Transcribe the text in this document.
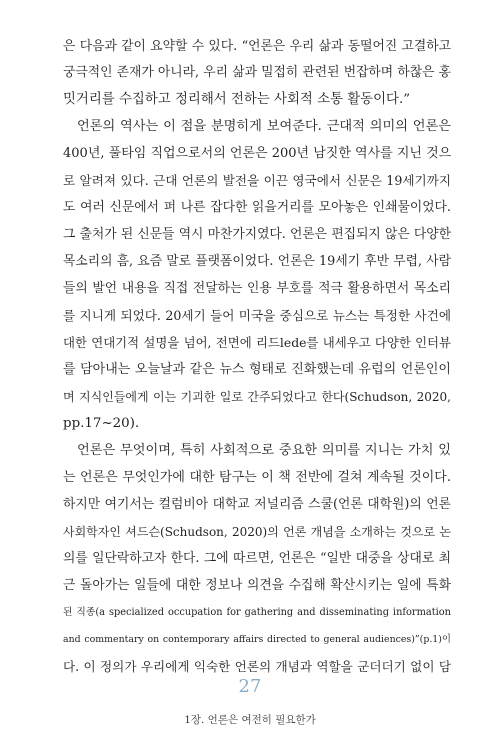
은 다음과 같이 요약할 수 있다. “언론은 우리 삶과 동떨어진 고결하고
궁극적인 존재가 아니라, 우리 삶과 밀접히 관련된 번잡하며 하찮은 홍
밋거리를 수집하고 정리해서 전하는 사회적 소통 활동이다.”
언론의 역사는 이 점을 분명히게 보여준다. 근대적 의미의 언론은
400년, 풀타임 직업으로서의 언론은 200년 남짓한 역사를 지닌 것으
로 알려져 있다. 근대 언론의 발전을 이끈 영국에서 신문은 19세기까지
도 여러 신문에서 퍼 나른 잡다한 읽을거리를 모아놓은 인쇄물이었다.
그 출처가 된 신문들 역시 마찬가지였다. 언론은 편집되지 않은 다양한
목소리의 흠, 요즘 말로 플랫폼이었다. 언론은 19세기 후반 무렵, 사람
들의 발언 내용을 직접 전달하는 인용 부호를 적극 활용하면서 목소리
를 지니게 되었다. 20세기 들어 미국을 중심으로 뉴스는 특정한 사건에
대한 연대기적 설명을 넘어, 전면에 리드lede를 내세우고 다양한 인터뷰
를 담아내는 오늘날과 같은 뉴스 형태로 진화했는데 유럽의 언론인이
며 지식인들에게 이는 기괴한 일로 간주되었다고 한다(Schudson, 2020,
pp.17~20).
언론은 무엇이며, 특히 사회적으로 중요한 의미를 지니는 가치 있
는 언론은 무엇인가에 대한 탐구는 이 책 전반에 걸쳐 계속될 것이다.
하지만 여기서는 컬럼비아 대학교 저널리즘 스쿨(언론 대학원)의 언론
사회학자인 셔드슨(Schudson, 2020)의 언론 개념을 소개하는 것으로 논
의를 일단락하고자 한다. 그에 따르면, 언론은 “일반 대중을 상대로 최
근 돌아가는 일들에 대한 정보나 의견을 수집해 확산시키는 일에 특화
된 직종(a specialized occupation for gathering and disseminating information
and commentary on contemporary affairs directed to general audiences)”(p.1)이
다. 이 정의가 우리에게 익숙한 언론의 개념과 역할을 군더더기 없이 담
27
1장. 언론은 여전히 필요한가
